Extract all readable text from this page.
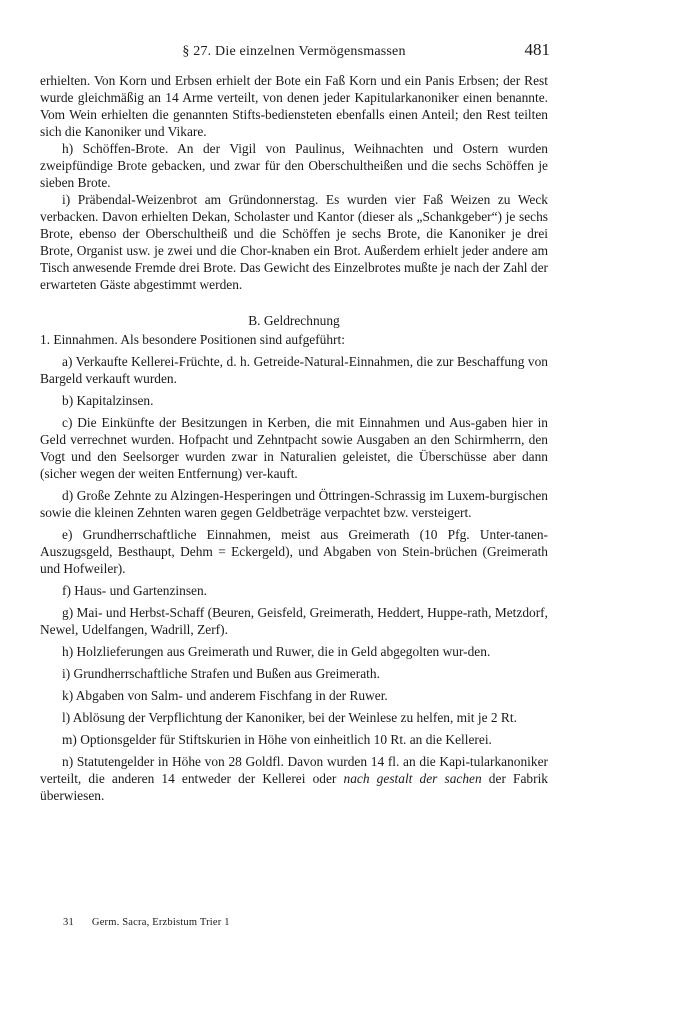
§ 27. Die einzelnen Vermögensmassen	481

erhielten. Von Korn und Erbsen erhielt der Bote ein Faß Korn und ein Panis Erbsen; der Rest wurde gleichmäßig an 14 Arme verteilt, von denen jeder Kapitularkanoniker einen benannte. Vom Wein erhielten die genannten Stifts-bediensteten ebenfalls einen Anteil; den Rest teilten sich die Kanoniker und Vikare.

h) Schöffen-Brote. An der Vigil von Paulinus, Weihnachten und Ostern wurden zweipfündige Brote gebacken, und zwar für den Oberschultheißen und die sechs Schöffen je sieben Brote.

i) Präbendal-Weizenbrot am Gründonnerstag. Es wurden vier Faß Weizen zu Weck verbacken. Davon erhielten Dekan, Scholaster und Kantor (dieser als „Schankgeber“) je sechs Brote, ebenso der Oberschultheiß und die Schöffen je sechs Brote, die Kanoniker je drei Brote, Organist usw. je zwei und die Chor-knaben ein Brot. Außerdem erhielt jeder andere am Tisch anwesende Fremde drei Brote. Das Gewicht des Einzelbrotes mußte je nach der Zahl der erwarteten Gäste abgestimmt werden.

B. Geldrechnung

1. Einnahmen. Als besondere Positionen sind aufgeführt:

a) Verkaufte Kellerei-Früchte, d. h. Getreide-Natural-Einnahmen, die zur Beschaffung von Bargeld verkauft wurden.

b) Kapitalzinsen.

c) Die Einkünfte der Besitzungen in Kerben, die mit Einnahmen und Aus-gaben hier in Geld verrechnet wurden. Hofpacht und Zehntpacht sowie Ausgaben an den Schirmherrn, den Vogt und den Seelsorger wurden zwar in Naturalien geleistet, die Überschüsse aber dann (sicher wegen der weiten Entfernung) ver-kauft.

d) Große Zehnte zu Alzingen-Hesperingen und Öttringen-Schrassig im Luxem-burgischen sowie die kleinen Zehnten waren gegen Geldbeträge verpachtet bzw. versteigert.

e) Grundherrschaftliche Einnahmen, meist aus Greimerath (10 Pfg. Unter-tanen-Auszugsgeld, Besthaupt, Dehm = Eckergeld), und Abgaben von Stein-brüchen (Greimerath und Hofweiler).

f) Haus- und Gartenzinsen.

g) Mai- und Herbst-Schaff (Beuren, Geisfeld, Greimerath, Heddert, Huppe-rath, Metzdorf, Newel, Udelfangen, Wadrill, Zerf).

h) Holzlieferungen aus Greimerath und Ruwer, die in Geld abgegolten wur-den.

i) Grundherrschaftliche Strafen und Bußen aus Greimerath.

k) Abgaben von Salm- und anderem Fischfang in der Ruwer.

l) Ablösung der Verpflichtung der Kanoniker, bei der Weinlese zu helfen, mit je 2 Rt.

m) Optionsgelder für Stiftskurien in Höhe von einheitlich 10 Rt. an die Kellerei.

n) Statutengelder in Höhe von 28 Goldfl. Davon wurden 14 fl. an die Kapi-tularkanoniker verteilt, die anderen 14 entweder der Kellerei oder nach gestalt der sachen der Fabrik überwiesen.

31 Germ. Sacra, Erzbistum Trier 1
